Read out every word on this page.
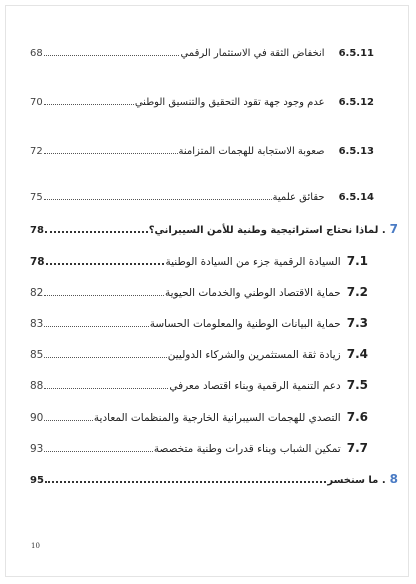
6.5.11
انخفاض الثقة في الاستثمار الرقمي
68
6.5.12
عدم وجود جهة تقود التحقيق والتنسيق الوطني
70
6.5.13
صعوبة الاستجابة للهجمات المتزامنة
72
6.5.14
حقائق علمية
75
7
. لماذا نحتاج استراتيجية وطنية للأمن السيبراني؟
78
7.1
السيادة الرقمية جزء من السيادة الوطنية
78
7.2
حماية الاقتصاد الوطني والخدمات الحيوية
82
7.3
حماية البيانات الوطنية والمعلومات الحساسة
83
7.4
زيادة ثقة المستثمرين والشركاء الدوليين
85
7.5
دعم التنمية الرقمية وبناء اقتصاد معرفي
88
7.6
التصدي للهجمات السيبرانية الخارجية والمنظمات المعادية
90
7.7
تمكين الشباب وبناء قدرات وطنية متخصصة
93
8
. ما سنخسر
95
10
